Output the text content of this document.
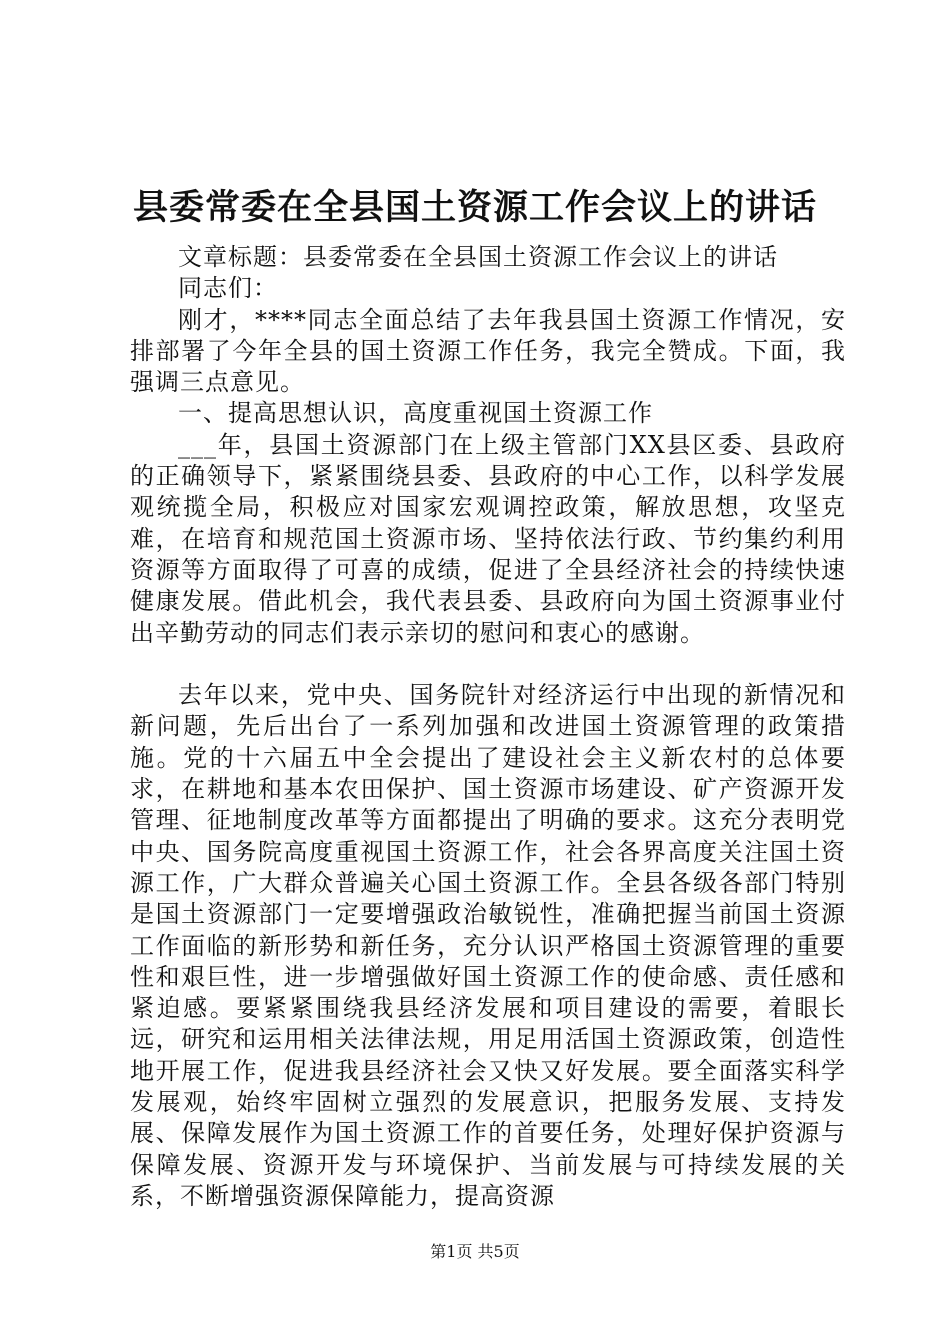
县委常委在全县国土资源工作会议上的讲话

文章标题：县委常委在全县国土资源工作会议上的讲话

同志们：

刚才，****同志全面总结了去年我县国土资源工作情况，安排部署了今年全县的国土资源工作任务，我完全赞成。下面，我强调三点意见。

一、提高思想认识，高度重视国土资源工作

___年，县国土资源部门在上级主管部门XX县区委、县政府的正确领导下，紧紧围绕县委、县政府的中心工作，以科学发展观统揽全局，积极应对国家宏观调控政策，解放思想，攻坚克难，在培育和规范国土资源市场、坚持依法行政、节约集约利用资源等方面取得了可喜的成绩，促进了全县经济社会的持续快速健康发展。借此机会，我代表县委、县政府向为国土资源事业付出辛勤劳动的同志们表示亲切的慰问和衷心的感谢。

去年以来，党中央、国务院针对经济运行中出现的新情况和新问题，先后出台了一系列加强和改进国土资源管理的政策措施。党的十六届五中全会提出了建设社会主义新农村的总体要求，在耕地和基本农田保护、国土资源市场建设、矿产资源开发管理、征地制度改革等方面都提出了明确的要求。这充分表明党中央、国务院高度重视国土资源工作，社会各界高度关注国土资源工作，广大群众普遍关心国土资源工作。全县各级各部门特别是国土资源部门一定要增强政治敏锐性，准确把握当前国土资源工作面临的新形势和新任务，充分认识严格国土资源管理的重要性和艰巨性，进一步增强做好国土资源工作的使命感、责任感和紧迫感。要紧紧围绕我县经济发展和项目建设的需要，着眼长远，研究和运用相关法律法规，用足用活国土资源政策，创造性地开展工作，促进我县经济社会又快又好发展。要全面落实科学发展观，始终牢固树立强烈的发展意识，把服务发展、支持发展、保障发展作为国土资源工作的首要任务，处理好保护资源与保障发展、资源开发与环境保护、当前发展与可持续发展的关系，不断增强资源保障能力，提高资源

第1页 共5页
